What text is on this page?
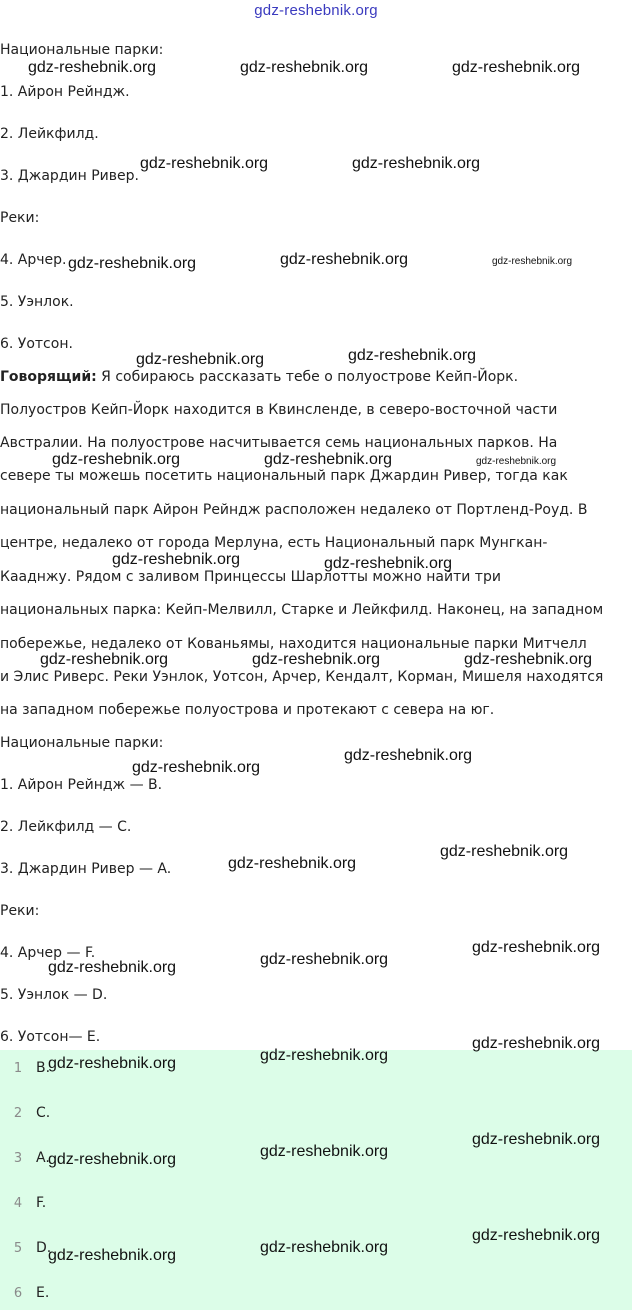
gdz-reshebnik.org

Национальные парки:

1. Айрон Рейндж.

2. Лейкфилд.

3. Джардин Ривер.

Реки:

4. Арчер.

5. Уэнлок.

6. Уотсон.

Говорящий: Я собираюсь рассказать тебе о полуострове Кейп-Йорк.

Полуостров Кейп-Йорк находится в Квинсленде, в северо-восточной части

Австралии. На полуострове насчитывается семь национальных парков. На

севере ты можешь посетить национальный парк Джардин Ривер, тогда как

национальный парк Айрон Рейндж расположен недалеко от Портленд-Роуд. В

центре, недалеко от города Мерлуна, есть Национальный парк Мунгкан-

Кааднжу. Рядом с заливом Принцессы Шарлотты можно найти три

национальных парка: Кейп-Мелвилл, Старке и Лейкфилд. Наконец, на западном

побережье, недалеко от Кованьямы, находится национальные парки Митчелл

и Элис Риверс. Реки Уэнлок, Уотсон, Арчер, Кендалт, Корман, Мишеля находятся

на западном побережье полуострова и протекают с севера на юг.

Национальные парки:

1. Айрон Рейндж — B.

2. Лейкфилд — C.

3. Джардин Ривер — A.

Реки:

4. Арчер — F.

5. Уэнлок — D.

6. Уотсон— E.

1 B.
2 C.
3 A.
4 F.
5 D.
6 E.
gdz-reshebnik.org	gdz-reshebnik.org	gdz-reshebnik.org
gdz-reshebnik.org	gdz-reshebnik.org
gdz-reshebnik.org	gdz-reshebnik.org	gdz-reshebnik.org
gdz-reshebnik.org	gdz-reshebnik.org
gdz-reshebnik.org	gdz-reshebnik.org	gdz-reshebnik.org
gdz-reshebnik.org	gdz-reshebnik.org
gdz-reshebnik.org	gdz-reshebnik.org	gdz-reshebnik.org
gdz-reshebnik.org
gdz-reshebnik.org
gdz-reshebnik.org
gdz-reshebnik.org
gdz-reshebnik.org
gdz-reshebnik.org
gdz-reshebnik.org
gdz-reshebnik.org
gdz-reshebnik.org
gdz-reshebnik.org
gdz-reshebnik.org
gdz-reshebnik.org
gdz-reshebnik.org
gdz-reshebnik.org
gdz-reshebnik.org
gdz-reshebnik.org
